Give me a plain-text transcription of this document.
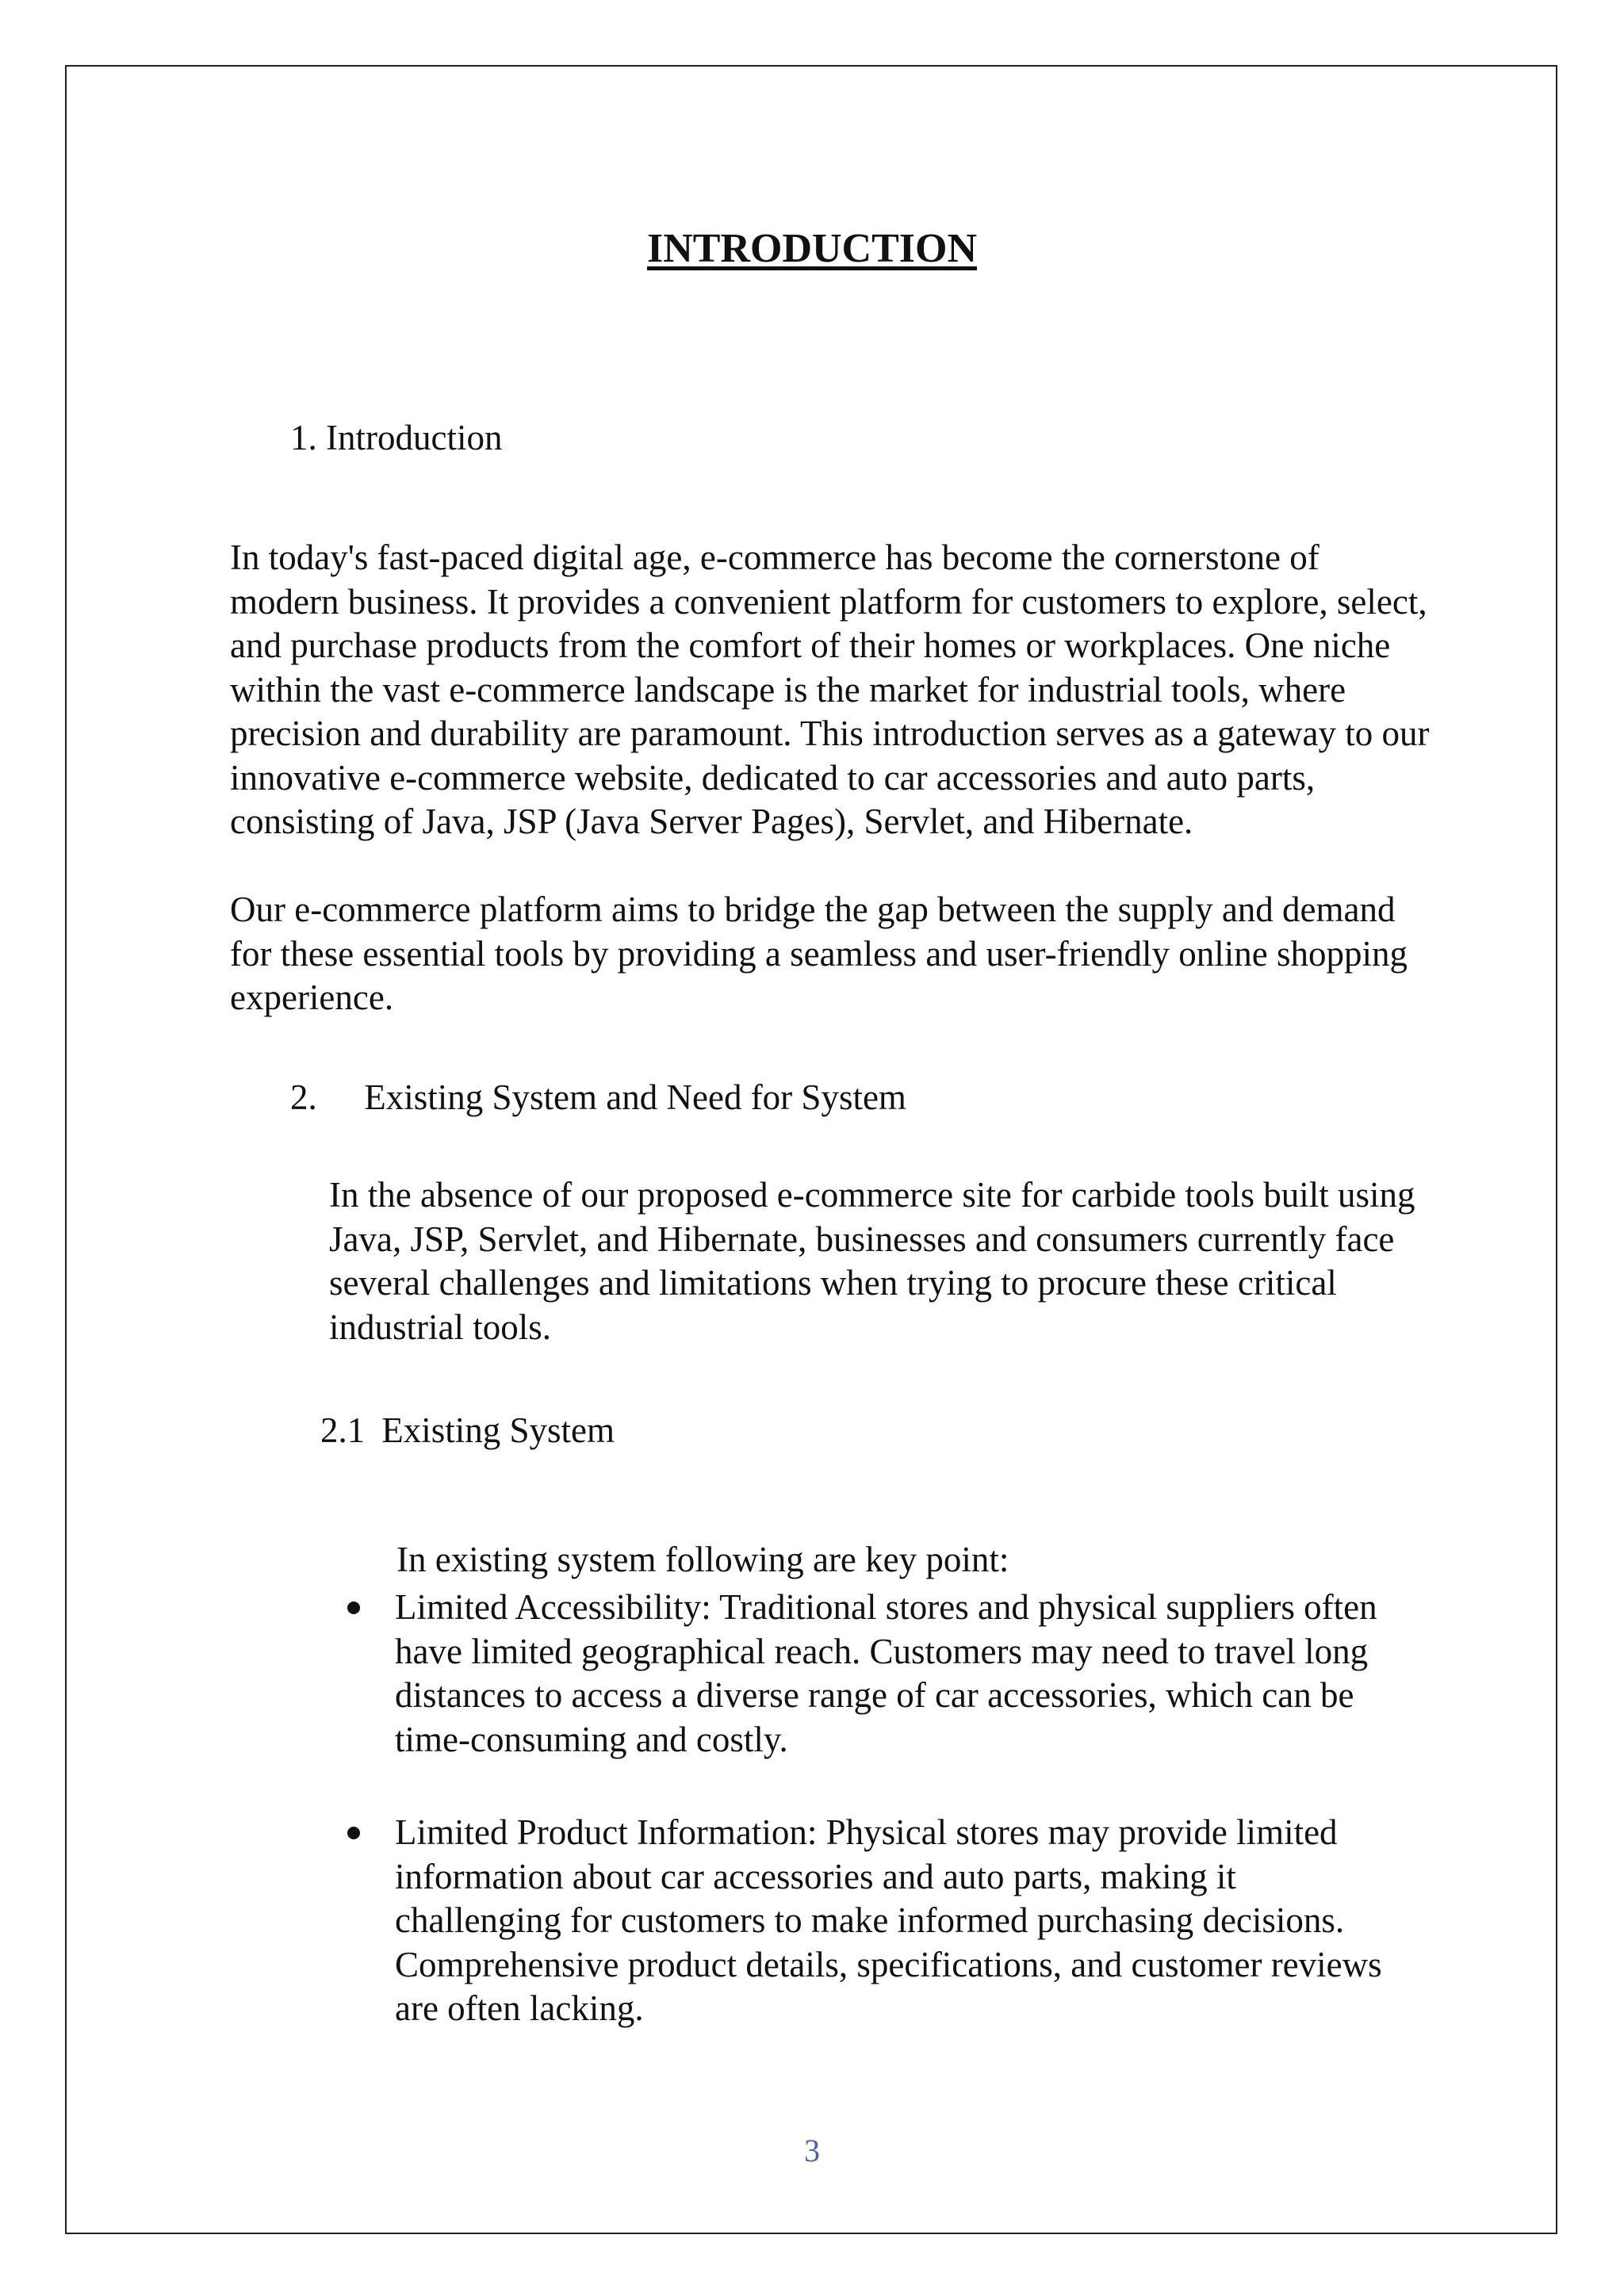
INTRODUCTION
1. Introduction

In today's fast-paced digital age, e-commerce has become the cornerstone of modern business. It provides a convenient platform for customers to explore, select, and purchase products from the comfort of their homes or workplaces. One niche within the vast e-commerce landscape is the market for industrial tools, where precision and durability are paramount. This introduction serves as a gateway to our innovative e-commerce website, dedicated to car accessories and auto parts, consisting of Java, JSP (Java Server Pages), Servlet, and Hibernate.

Our e-commerce platform aims to bridge the gap between the supply and demand for these essential tools by providing a seamless and user-friendly online shopping experience.

2. Existing System and Need for System

In the absence of our proposed e-commerce site for carbide tools built using Java, JSP, Servlet, and Hibernate, businesses and consumers currently face several challenges and limitations when trying to procure these critical industrial tools.

2.1 Existing System

In existing system following are key point:

Limited Accessibility: Traditional stores and physical suppliers often have limited geographical reach. Customers may need to travel long distances to access a diverse range of car accessories, which can be time-consuming and costly.
Limited Product Information: Physical stores may provide limited information about car accessories and auto parts, making it challenging for customers to make informed purchasing decisions. Comprehensive product details, specifications, and customer reviews are often lacking.
3
